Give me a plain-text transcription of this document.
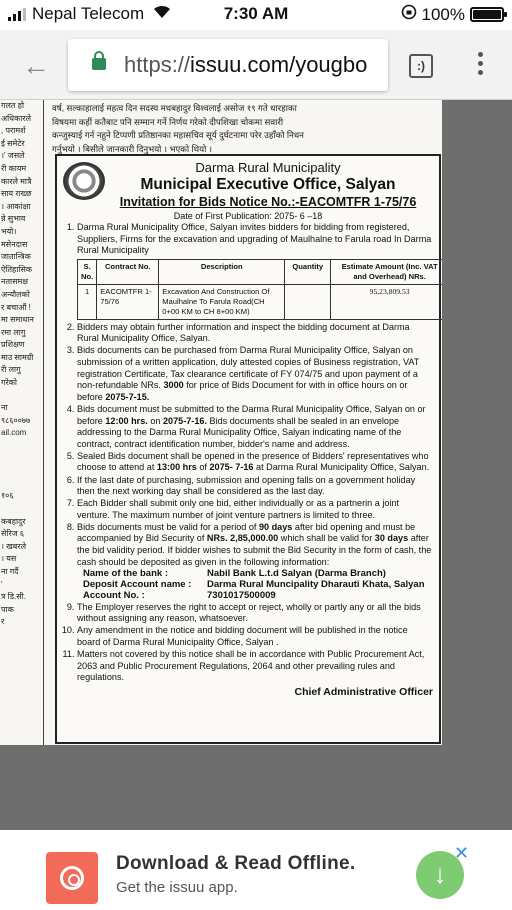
Nepal Telecom	7:30 AM	100%
←	https://issuu.com/yougbo	:)
गलत हो
अधिकारले
, परामर्श
ई समेटेर
।' जसले
री कायम
कारले मात्रै
साय राख्छ
। आकांक्षा
न्ने सुभाव
भयो।
मसेनदास
जातान्त्रिक
ऐतिहासिक
नतासमक्ष
अन्यौलको
र बचाऔं !
मा समाधान
रमा लागु
प्रशिक्षण
माउ सामग्री
री लागु
गरेको

ना
९८६००७७
ail.com

१०६

कबहादुर
सेरिज ६
। खबरले
। यस
ना गर्दै
'
त्र डि.सी.
पाक
र
वर्ष, सल्काहालाई महत्व दिन सदस्य मधबहादुर विश्वलाई असोज १९ गते धारहाका
विषयमा कहीं कतैबाट पनि सम्मान गर्ने निर्णय गरेको दीपशिखा चोकमा सवारी
कन्जुस्याई गर्न नहुने टिप्पणी प्रतिष्ठानका महासचिव सूर्य दुर्घटनामा परेर उहाँको निधन
गर्नुभयो । बिसीले जानकारी दिनुभयो । भएको थियो ।
Darma Rural Municipality
Municipal Executive Office, Salyan
Invitation for Bids Notice No.:-EACOMTFR 1-75/76
Date of First Publication: 2075- 6 –18
1. Darma Rural Municipality Office, Salyan invites bidders for bidding from registered, Suppliers, Firms for the excavation and upgrading of Maulhalne to Farula road In Darma Rural Municipality
S. No.	Contract No.	Description	Quantity	Estimate Amount (Inc. VAT and Overhead) NRs.
1	EACOMTFR 1-75/76	Excavation And Construction Of Maulhalne To Farula Road(CH 0+00 KM to CH 8+00 KM)		95,23,809.53
2. Bidders may obtain further information and inspect the bidding document at Darma Rural Municipality Office, Salyan.
3. Bids documents can be purchased from Darma Rural Municipality Office, Salyan on submission of a written application, duly attested copies of Business registration, VAT registration Certificate, Tax clearance certificate of FY 074/75 and upon payment of a non-refundable NRs. 3000 for price of Bids Document for with in office hours on or before 2075-7-15.
4. Bids document must be submitted to the Darma Rural Municipality Office, Salyan on or before 12:00 hrs. on 2075-7-16. Bids documents shall be sealed in an envelope addressing to the Darma Rural Municipality Office, Salyan indicating name of the contract, contract identification number, bidder's name and address.
5. Sealed Bids document shall be opened in the presence of Bidders' representatives who choose to attend at 13:00 hrs of 2075- 7-16 at Darma Rural Municipality Office, Salyan.
6. If the last date of purchasing, submission and opening falls on a government holiday then the next working day shall be considered as the last day.
7. Each Bidder shall submit only one bid, either individually or as a partnerin a joint venture. The maximum number of joint venture partners is limited to three.
8. Bids documents must be valid for a period of 90 days after bid opening and must be accompanied by Bid Security of NRs. 2,85,000.00 which shall be valid for 30 days after the bid validity period. If bidder wishes to submit the Bid Security in the form of cash, the cash should be deposited as given in the following information:
Name of the bank :	Nabil Bank L.t.d Salyan (Darma Branch)
Deposit Account name :	Darma Rural Muncipality Dharauti Khata, Salyan
Account No. :	7301017500009
9. The Employer reserves the right to accept or reject, wholly or partly any or all the bids without assigning any reason, whatsoever.
10. Any amendment in the notice and bidding document will be published in the notice board of Darma Rural Municipality Office, Salyan .
11. Matters not covered by this notice shall be in accordance with Public Procurement Act, 2063 and Public Procurement Regulations, 2064 and other prevailing rules and regulations.
Chief Administrative Officer
Download & Read Offline.
Get the issuu app.	↓
✕
